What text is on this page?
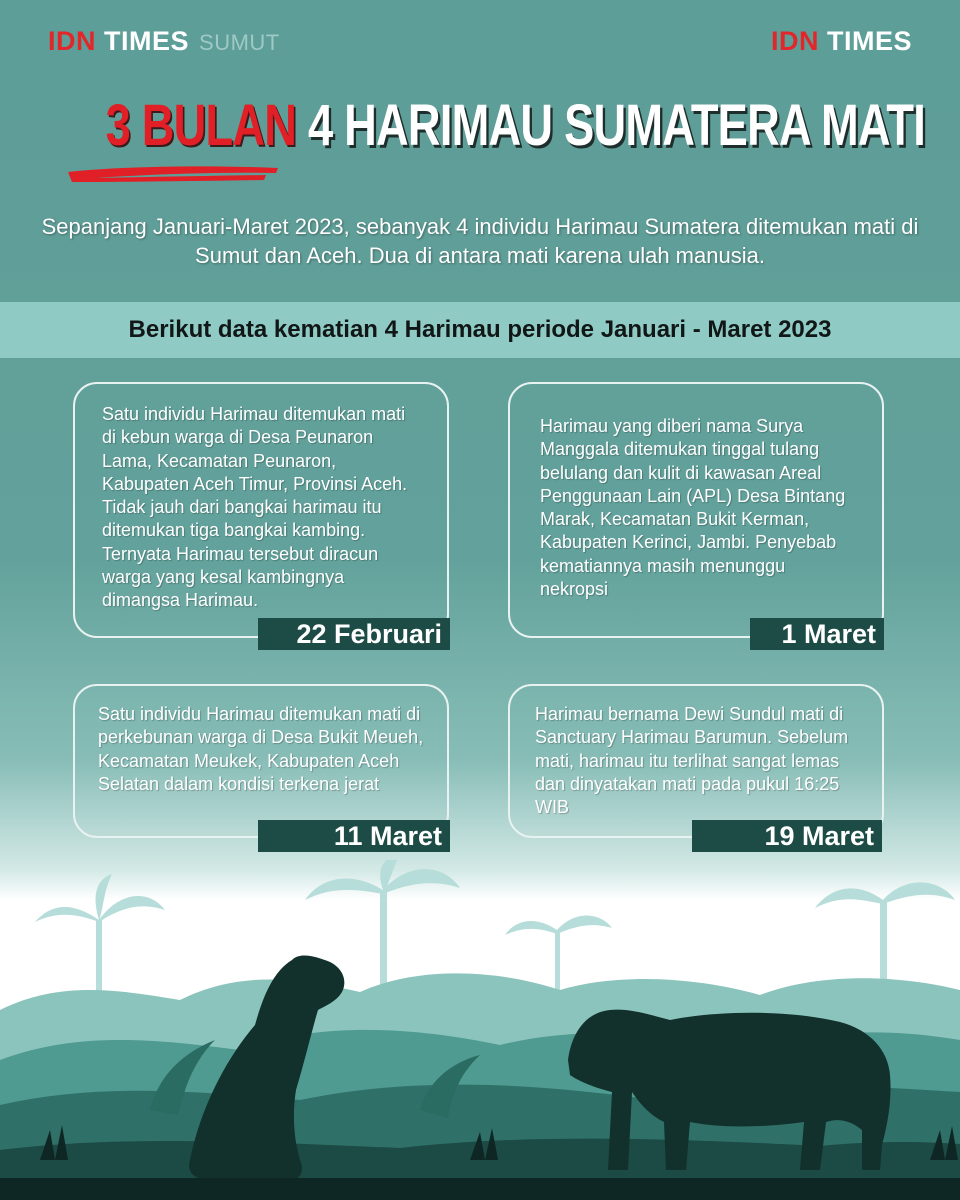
IDN TIMES SUMUT	IDN TIMES
3 BULAN 4 HARIMAU SUMATERA MATI
Sepanjang Januari-Maret 2023, sebanyak 4 individu Harimau Sumatera ditemukan mati di Sumut dan Aceh. Dua di antara mati karena ulah manusia.
Berikut data kematian 4 Harimau periode Januari - Maret 2023
Satu individu Harimau ditemukan mati di kebun warga di Desa Peunaron Lama, Kecamatan Peunaron, Kabupaten Aceh Timur, Provinsi Aceh. Tidak jauh dari bangkai harimau itu ditemukan tiga bangkai kambing. Ternyata Harimau tersebut diracun warga yang kesal kambingnya dimangsa Harimau.
22 Februari
Harimau yang diberi nama Surya Manggala ditemukan tinggal tulang belulang dan kulit di kawasan Areal Penggunaan Lain (APL) Desa Bintang Marak, Kecamatan Bukit Kerman, Kabupaten Kerinci, Jambi. Penyebab kematiannya masih menunggu nekropsi
1 Maret
Satu individu Harimau ditemukan mati di perkebunan warga di Desa Bukit Meueh, Kecamatan Meukek, Kabupaten Aceh Selatan dalam kondisi terkena jerat
11 Maret
Harimau bernama Dewi Sundul mati di Sanctuary Harimau Barumun. Sebelum mati, harimau itu terlihat sangat lemas dan dinyatakan mati pada pukul 16:25 WIB
19 Maret
